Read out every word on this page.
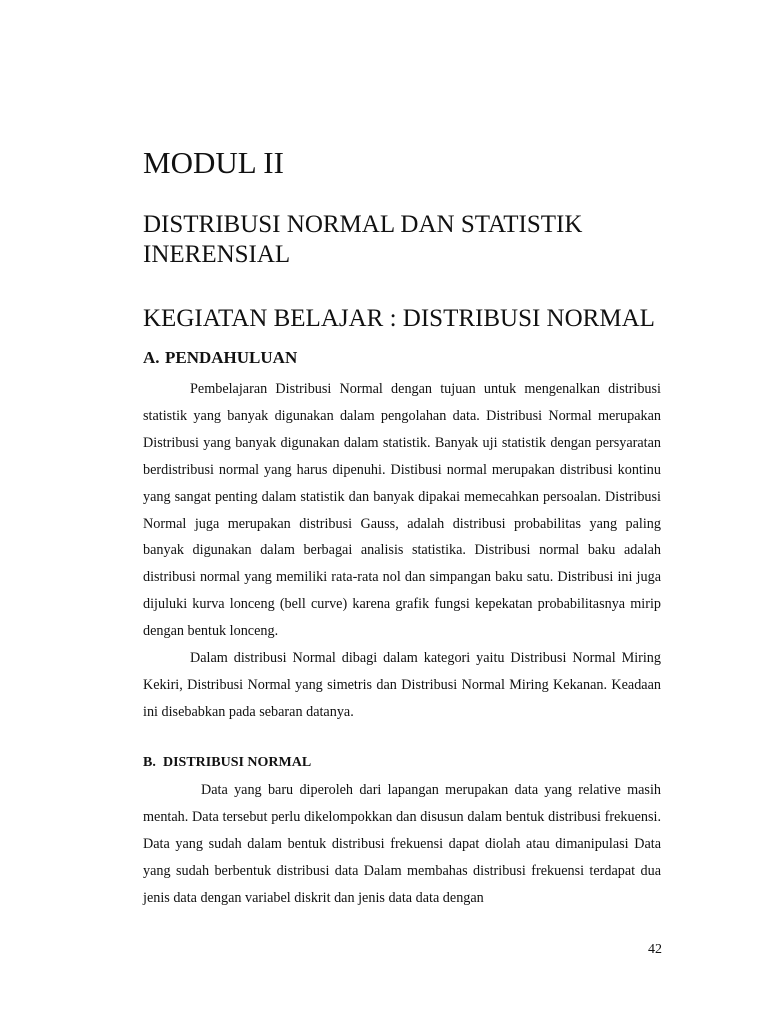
MODUL II
DISTRIBUSI NORMAL DAN STATISTIK INERENSIAL
KEGIATAN BELAJAR : DISTRIBUSI NORMAL
A. PENDAHULUAN

Pembelajaran Distribusi Normal dengan tujuan untuk mengenalkan distribusi statistik yang banyak digunakan dalam pengolahan data. Distribusi Normal merupakan Distribusi yang banyak digunakan dalam statistik. Banyak uji statistik dengan persyaratan berdistribusi normal yang harus dipenuhi. Distibusi normal merupakan distribusi kontinu yang sangat penting dalam statistik dan banyak dipakai memecahkan persoalan. Distribusi Normal juga merupakan distribusi Gauss, adalah distribusi probabilitas yang paling banyak digunakan dalam berbagai analisis statistika. Distribusi normal baku adalah distribusi normal yang memiliki rata-rata nol dan simpangan baku satu. Distribusi ini juga dijuluki kurva lonceng (bell curve) karena grafik fungsi kepekatan probabilitasnya mirip dengan bentuk lonceng.

Dalam distribusi Normal dibagi dalam kategori yaitu Distribusi Normal Miring Kekiri, Distribusi Normal yang simetris dan Distribusi Normal Miring Kekanan. Keadaan ini disebabkan pada sebaran datanya.

B. DISTRIBUSI NORMAL

Data yang baru diperoleh dari lapangan merupakan data yang relative masih mentah. Data tersebut perlu dikelompokkan dan disusun dalam bentuk distribusi frekuensi. Data yang sudah dalam bentuk distribusi frekuensi dapat diolah atau dimanipulasi Data yang sudah berbentuk distribusi data Dalam membahas distribusi frekuensi terdapat dua jenis data dengan variabel diskrit dan jenis data data dengan

42
